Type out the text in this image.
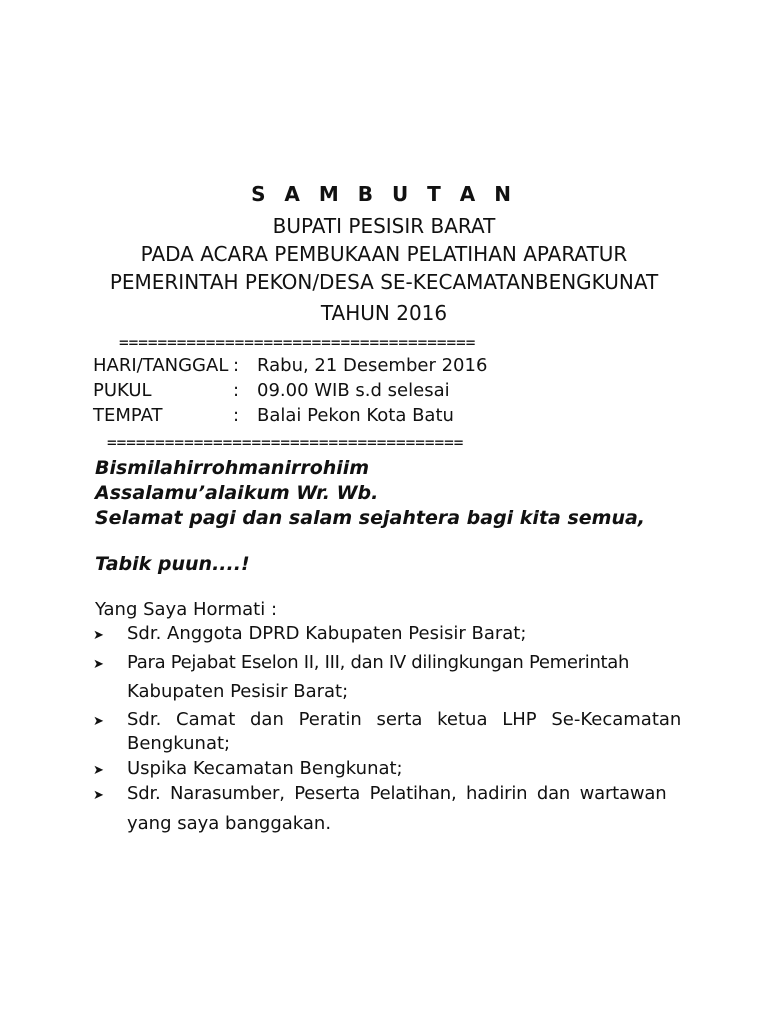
S A M B U T A N
BUPATI PESISIR BARAT
PADA ACARA PEMBUKAAN PELATIHAN APARATUR
PEMERINTAH PEKON/DESA SE-KECAMATANBENGKUNAT
TAHUN 2016
=====================================
HARI/TANGGAL : Rabu, 21 Desember 2016
PUKUL	: 09.00 WIB s.d selesai
TEMPAT	: Balai Pekon Kota Batu
=====================================
Bismilahirrohmanirrohiim
Assalamu’alaikum Wr. Wb.
Selamat pagi dan salam sejahtera bagi kita semua,
Tabik puun....!
Yang Saya Hormati :
➤ Sdr. Anggota DPRD Kabupaten Pesisir Barat;
➤ Para Pejabat Eselon II, III, dan IV dilingkungan Pemerintah
Kabupaten Pesisir Barat;
➤ Sdr. Camat dan Peratin serta ketua LHP Se-Kecamatan
Bengkunat;
➤ Uspika Kecamatan Bengkunat;
➤ Sdr. Narasumber, Peserta Pelatihan, hadirin dan wartawan
yang saya banggakan.
